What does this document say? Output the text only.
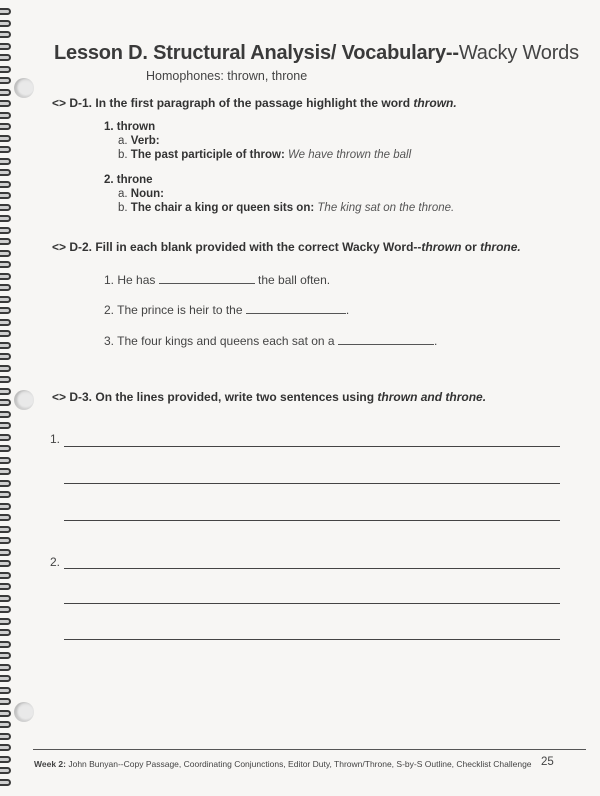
Lesson D. Structural Analysis/ Vocabulary--Wacky Words
Homophones: thrown, throne
<> D-1. In the first paragraph of the passage highlight the word thrown.
1. thrown
a. Verb:
b. The past participle of throw: We have thrown the ball
2. throne
a. Noun:
b. The chair a king or queen sits on: The king sat on the throne.
<> D-2. Fill in each blank provided with the correct Wacky Word--thrown or throne.
1. He has	the ball often.
2. The prince is heir to the	.
3. The four kings and queens each sat on a	.
<> D-3. On the lines provided, write two sentences using thrown and throne.
1.
2.
Week 2: John Bunyan--Copy Passage, Coordinating Conjunctions, Editor Duty, Thrown/Throne, S-by-S Outline, Checklist Challenge 25
